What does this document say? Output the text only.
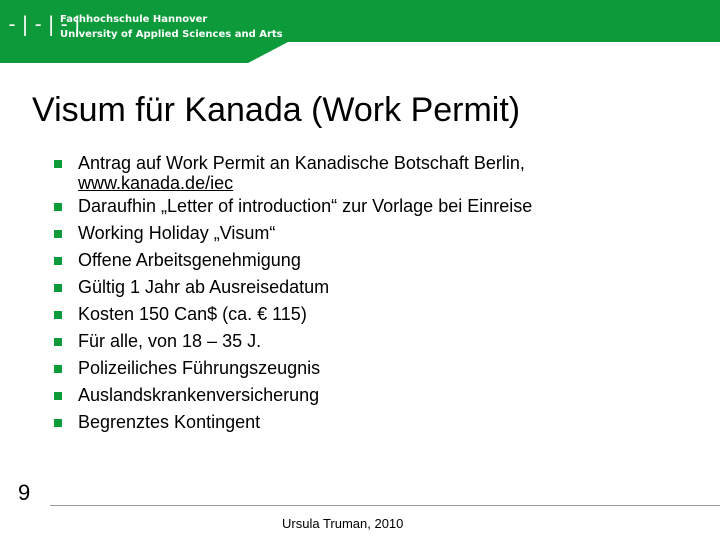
-|-|-|
Fachhochschule Hannover
University of Applied Sciences and Arts
Visum für Kanada (Work Permit)
Antrag auf Work Permit an Kanadische Botschaft Berlin,
www.kanada.de/iec
Daraufhin „Letter of introduction“ zur Vorlage bei Einreise
Working Holiday „Visum“
Offene Arbeitsgenehmigung
Gültig 1 Jahr ab Ausreisedatum
Kosten 150 Can$ (ca. € 115)
Für alle, von 18 – 35 J.
Polizeiliches Führungszeugnis
Auslandskrankenversicherung
Begrenztes Kontingent
9
Ursula Truman, 2010
